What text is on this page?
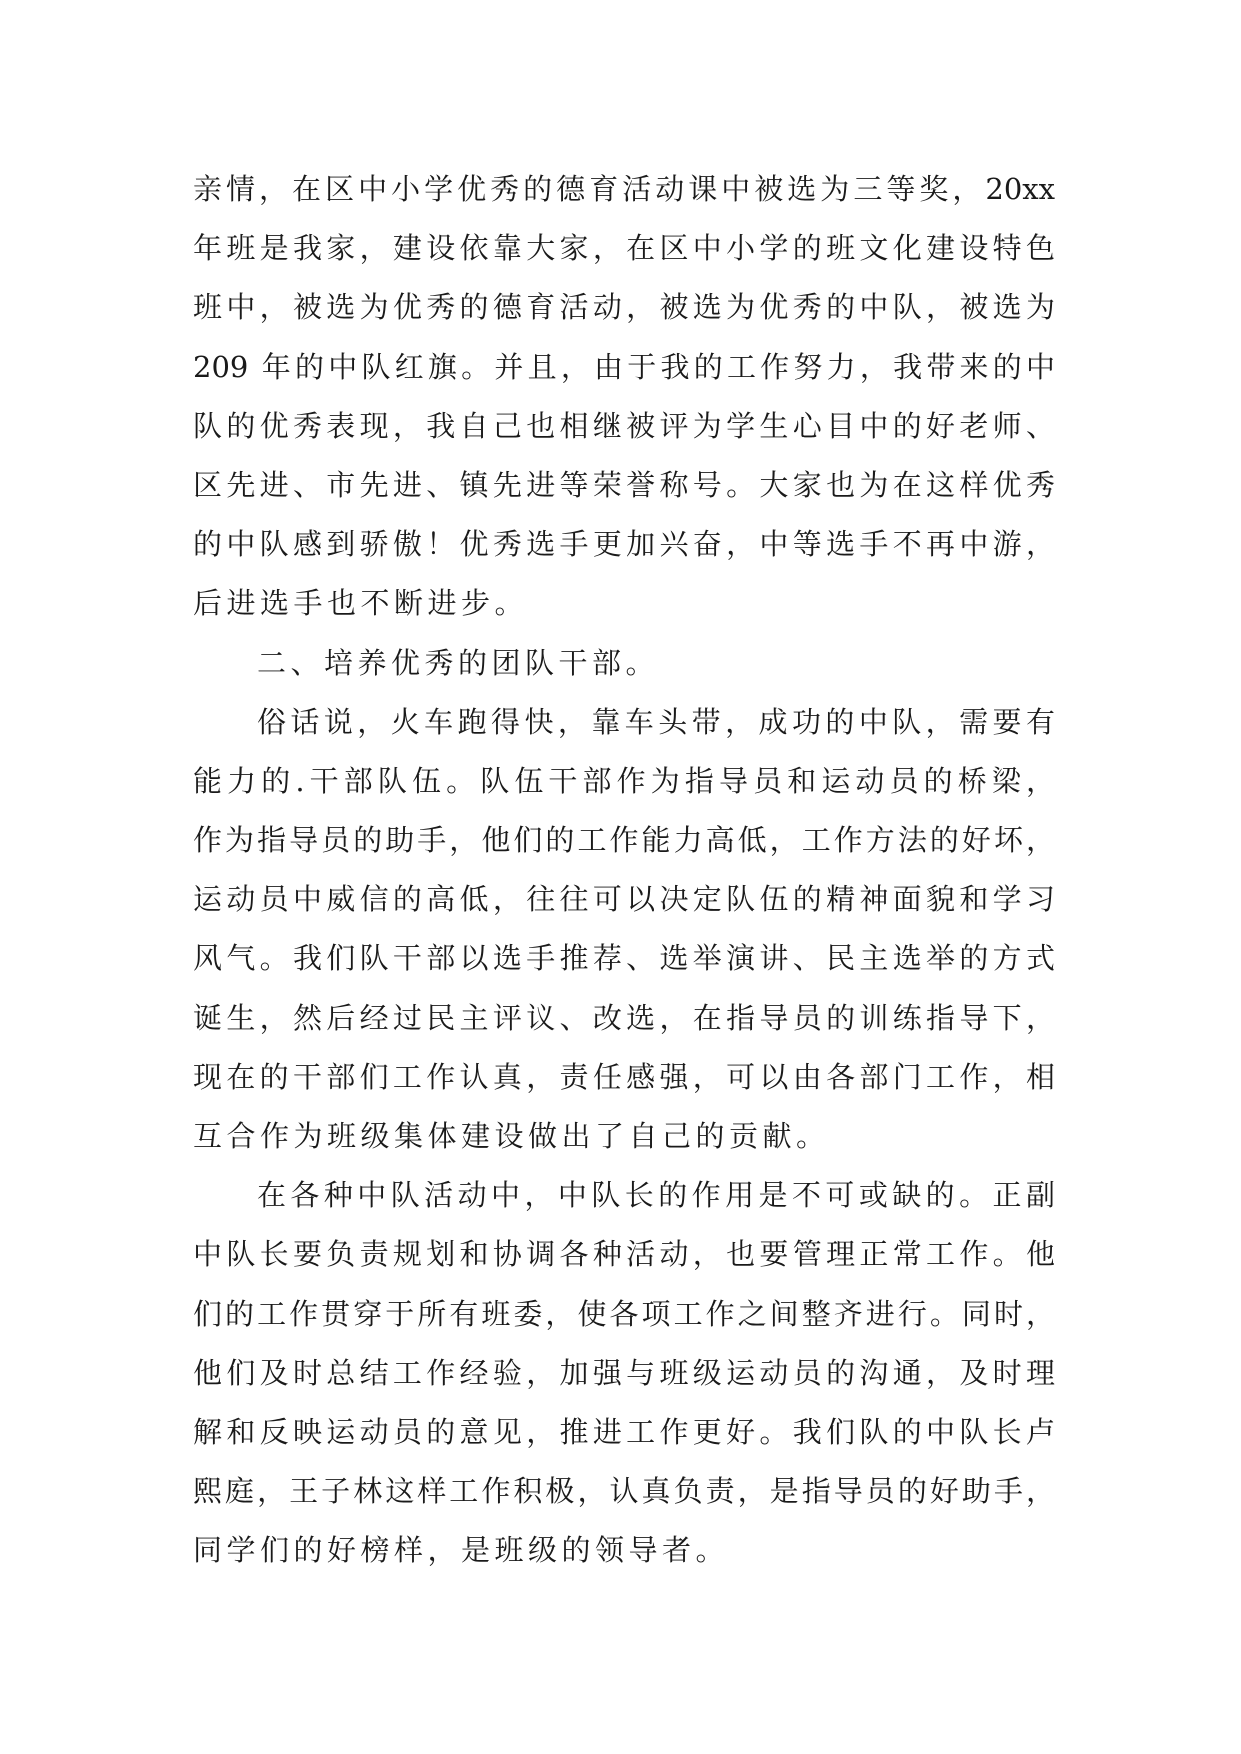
亲情，在区中小学优秀的德育活动课中被选为三等奖，20xx
年班是我家，建设依靠大家，在区中小学的班文化建设特色
班中，被选为优秀的德育活动，被选为优秀的中队，被选为
209 年的中队红旗。并且，由于我的工作努力，我带来的中
队的优秀表现，我自己也相继被评为学生心目中的好老师、
区先进、市先进、镇先进等荣誉称号。大家也为在这样优秀
的中队感到骄傲！优秀选手更加兴奋，中等选手不再中游，
后进选手也不断进步。
二、培养优秀的团队干部。
俗话说，火车跑得快，靠车头带，成功的中队，需要有
能力的.干部队伍。队伍干部作为指导员和运动员的桥梁，
作为指导员的助手，他们的工作能力高低，工作方法的好坏，
运动员中威信的高低，往往可以决定队伍的精神面貌和学习
风气。我们队干部以选手推荐、选举演讲、民主选举的方式
诞生，然后经过民主评议、改选，在指导员的训练指导下，
现在的干部们工作认真，责任感强，可以由各部门工作，相
互合作为班级集体建设做出了自己的贡献。
在各种中队活动中，中队长的作用是不可或缺的。正副
中队长要负责规划和协调各种活动，也要管理正常工作。他
们的工作贯穿于所有班委，使各项工作之间整齐进行。同时，
他们及时总结工作经验，加强与班级运动员的沟通，及时理
解和反映运动员的意见，推进工作更好。我们队的中队长卢
熙庭，王子林这样工作积极，认真负责，是指导员的好助手，
同学们的好榜样，是班级的领导者。
